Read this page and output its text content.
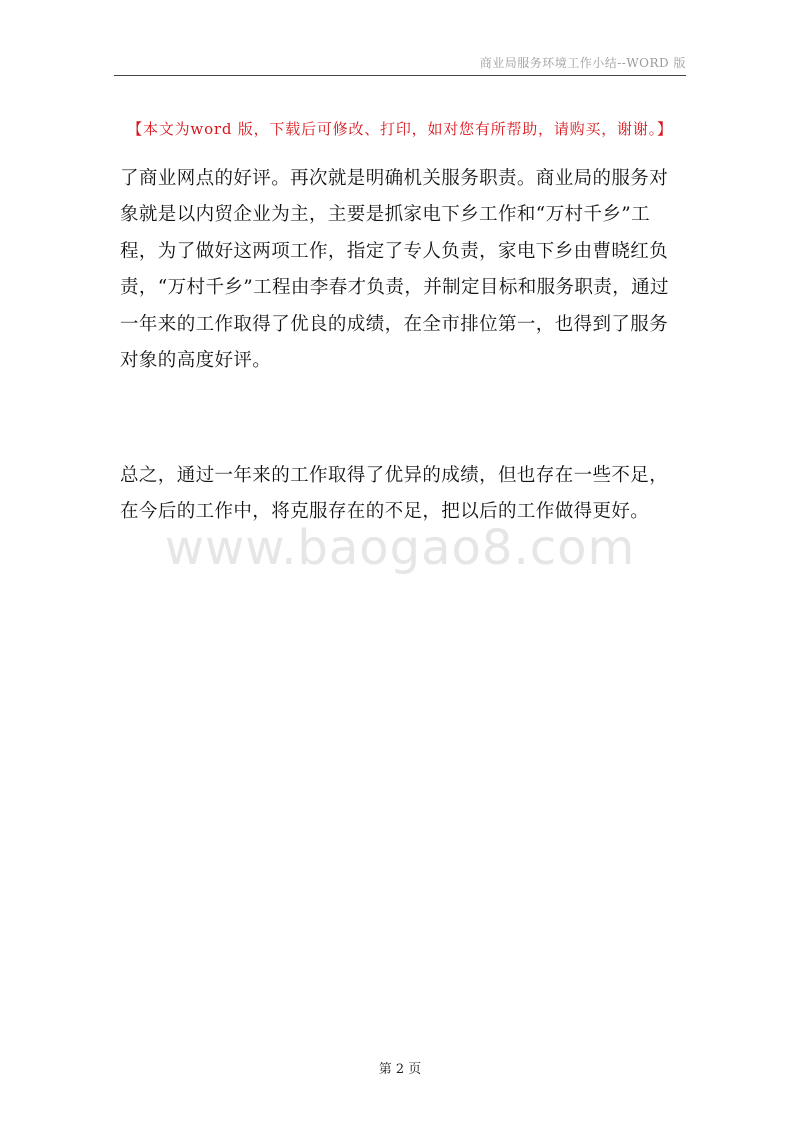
商业局服务环境工作小结--WORD 版
【本文为word 版，下载后可修改、打印，如对您有所帮助，请购买，谢谢。】

了商业网点的好评。再次就是明确机关服务职责。商业局的服务对象就是以内贸企业为主，主要是抓家电下乡工作和“万村千乡”工程，为了做好这两项工作，指定了专人负责，家电下乡由曹晓红负责，“万村千乡”工程由李春才负责，并制定目标和服务职责，通过一年来的工作取得了优良的成绩，在全市排位第一，也得到了服务对象的高度好评。

总之，通过一年来的工作取得了优异的成绩，但也存在一些不足，在今后的工作中，将克服存在的不足，把以后的工作做得更好。

www.baogao8.com
第 2 页
